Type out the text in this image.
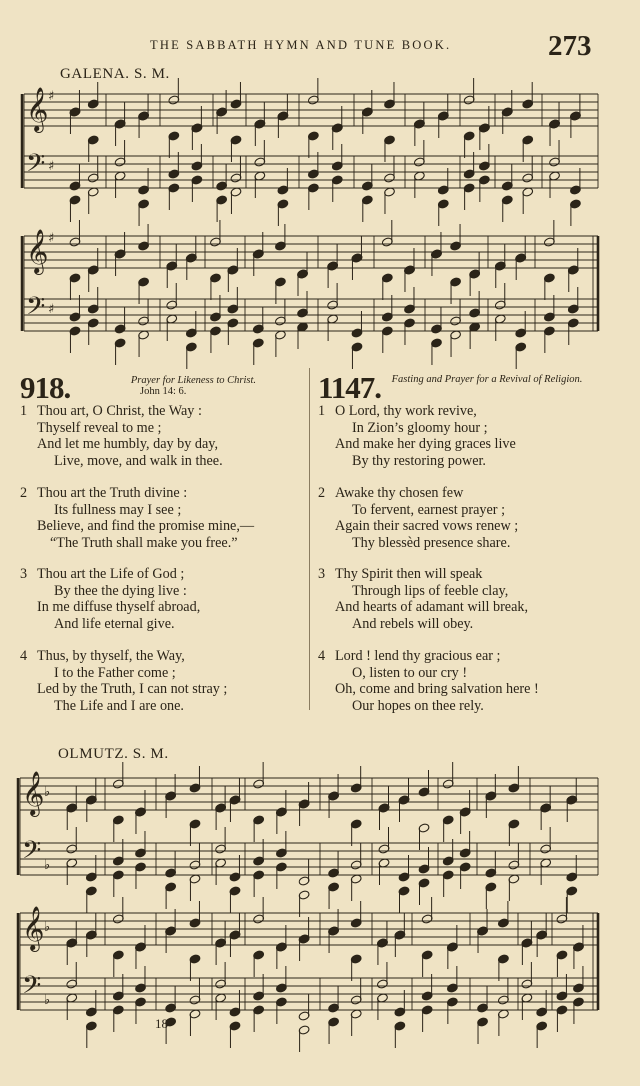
THE SABBATH HYMN AND TUNE BOOK.	273
GALENA. S. M.
𝄞
𝄢
♯
♯
𝄞
𝄢
♯
♯
918.	Prayer for Likeness to Christ.
John 14: 6.
1 Thou art, O Christ, the Way :
Thyself reveal to me ;
And let me humbly, day by day,
Live, move, and walk in thee.
2 Thou art the Truth divine :
Its fullness may I see ;
Believe, and find the promise mine,—
“The Truth shall make you free.”
3 Thou art the Life of God ;
By thee the dying live :
In me diffuse thyself abroad,
And life eternal give.
4 Thus, by thyself, the Way,
I to the Father come ;
Led by the Truth, I can not stray ;
The Life and I are one.
1147.	Fasting and Prayer for a Revival of Religion.
1 O Lord, thy work revive,
In Zion’s gloomy hour ;
And make her dying graces live
By thy restoring power.
2 Awake thy chosen few
To fervent, earnest prayer ;
Again their sacred vows renew ;
Thy blessèd presence share.
3 Thy Spirit then will speak
Through lips of feeble clay,
And hearts of adamant will break,
And rebels will obey.
4 Lord ! lend thy gracious ear ;
O, listen to our cry !
Oh, come and bring salvation here !
Our hopes on thee rely.
OLMUTZ. S. M.
𝄞
𝄢
♭
♭
𝄞
𝄢
♭
♭
18
